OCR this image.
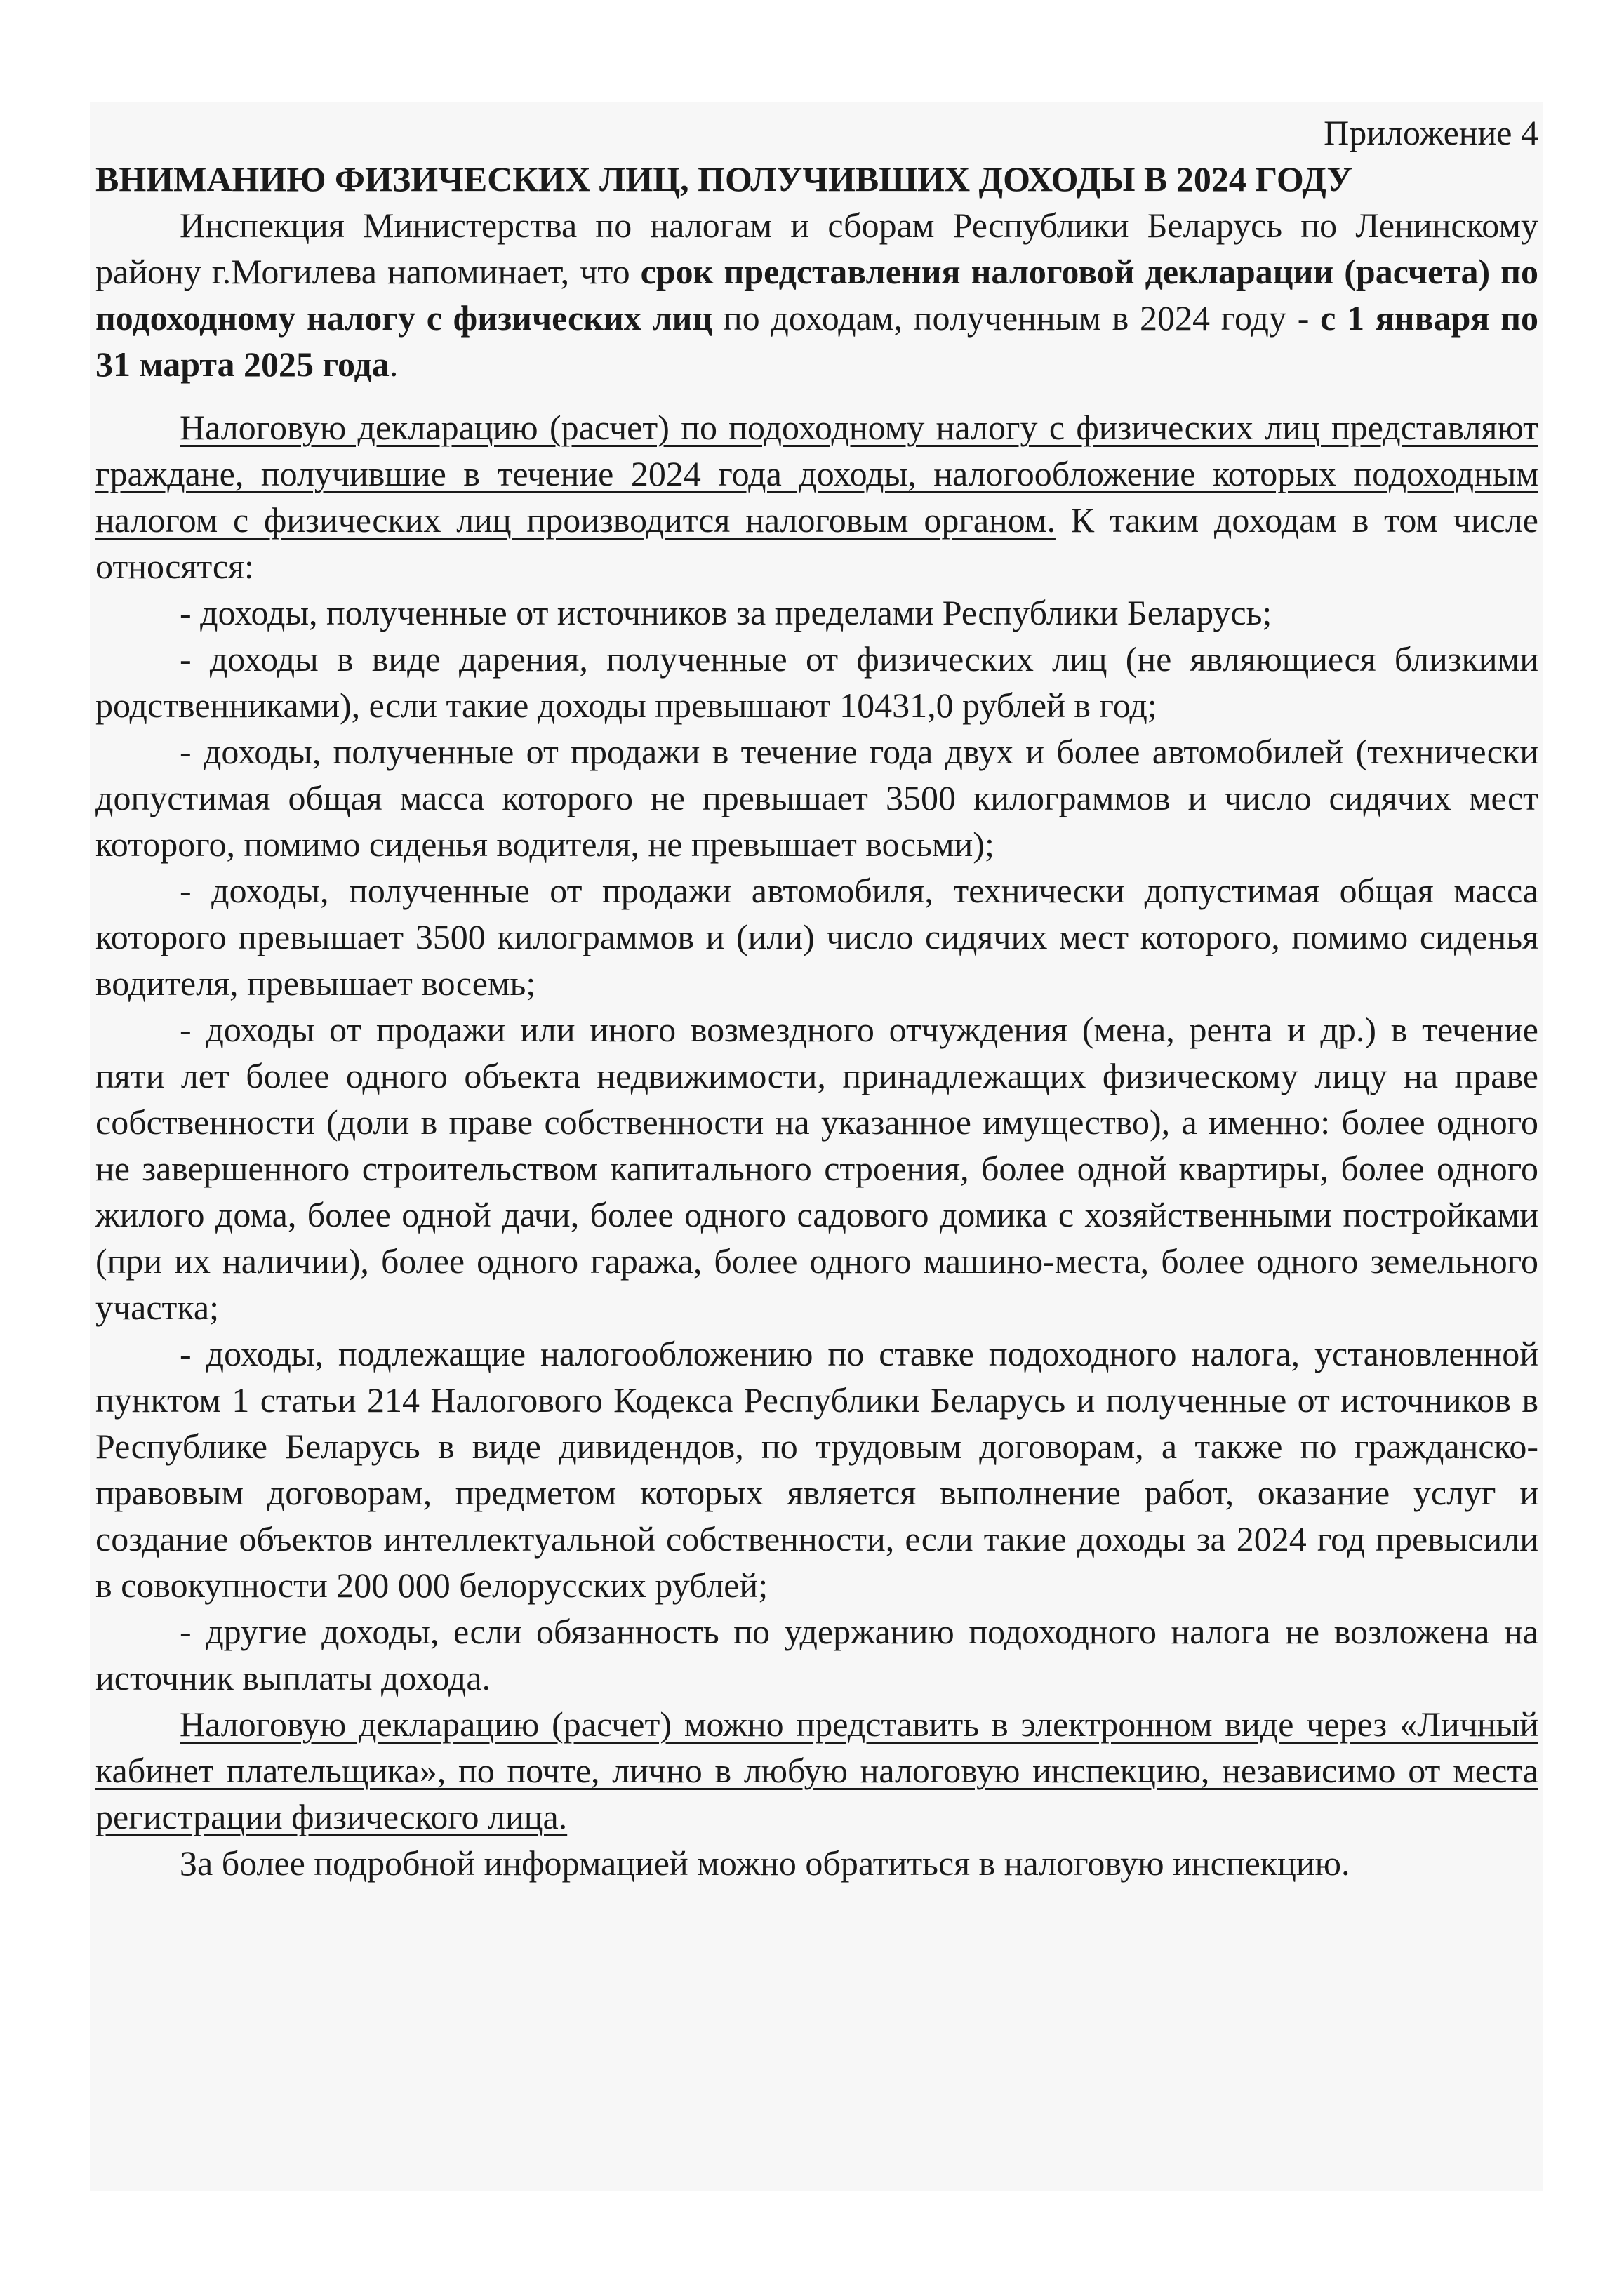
Приложение 4
ВНИМАНИЮ ФИЗИЧЕСКИХ ЛИЦ, ПОЛУЧИВШИХ ДОХОДЫ В 2024 ГОДУ

Инспекция Министерства по налогам и сборам Республики Беларусь по Ленинскому району г.Могилева напоминает, что срок представления налоговой декларации (расчета) по подоходному налогу с физических лиц по доходам, полученным в 2024 году - с 1 января по 31 марта 2025 года.

Налоговую декларацию (расчет) по подоходному налогу с физических лиц представляют граждане, получившие в течение 2024 года доходы, налогообложение которых подоходным налогом с физических лиц производится налоговым органом. К таким доходам в том числе относятся:

- доходы, полученные от источников за пределами Республики Беларусь;

- доходы в виде дарения, полученные от физических лиц (не являющиеся близкими родственниками), если такие доходы превышают 10431,0 рублей в год;

- доходы, полученные от продажи в течение года двух и более автомобилей (технически допустимая общая масса которого не превышает 3500 килограммов и число сидячих мест которого, помимо сиденья водителя, не превышает восьми);

- доходы, полученные от продажи автомобиля, технически допустимая общая масса которого превышает 3500 килограммов и (или) число сидячих мест которого, помимо сиденья водителя, превышает восемь;

- доходы от продажи или иного возмездного отчуждения (мена, рента и др.) в течение пяти лет более одного объекта недвижимости, принадлежащих физическому лицу на праве собственности (доли в праве собственности на указанное имущество), а именно: более одного не завершенного строительством капитального строения, более одной квартиры, более одного жилого дома, более одной дачи, более одного садового домика с хозяйственными постройками (при их наличии), более одного гаража, более одного машино-места, более одного земельного участка;

- доходы, подлежащие налогообложению по ставке подоходного налога, установленной пунктом 1 статьи 214 Налогового Кодекса Республики Беларусь и полученные от источников в Республике Беларусь в виде дивидендов, по трудовым договорам, а также по гражданско-правовым договорам, предметом которых является выполнение работ, оказание услуг и создание объектов интеллектуальной собственности, если такие доходы за 2024 год превысили в совокупности 200 000 белорусских рублей;

- другие доходы, если обязанность по удержанию подоходного налога не возложена на источник выплаты дохода.

Налоговую декларацию (расчет) можно представить в электронном виде через «Личный кабинет плательщика», по почте, лично в любую налоговую инспекцию, независимо от места регистрации физического лица.

За более подробной информацией можно обратиться в налоговую инспекцию.
